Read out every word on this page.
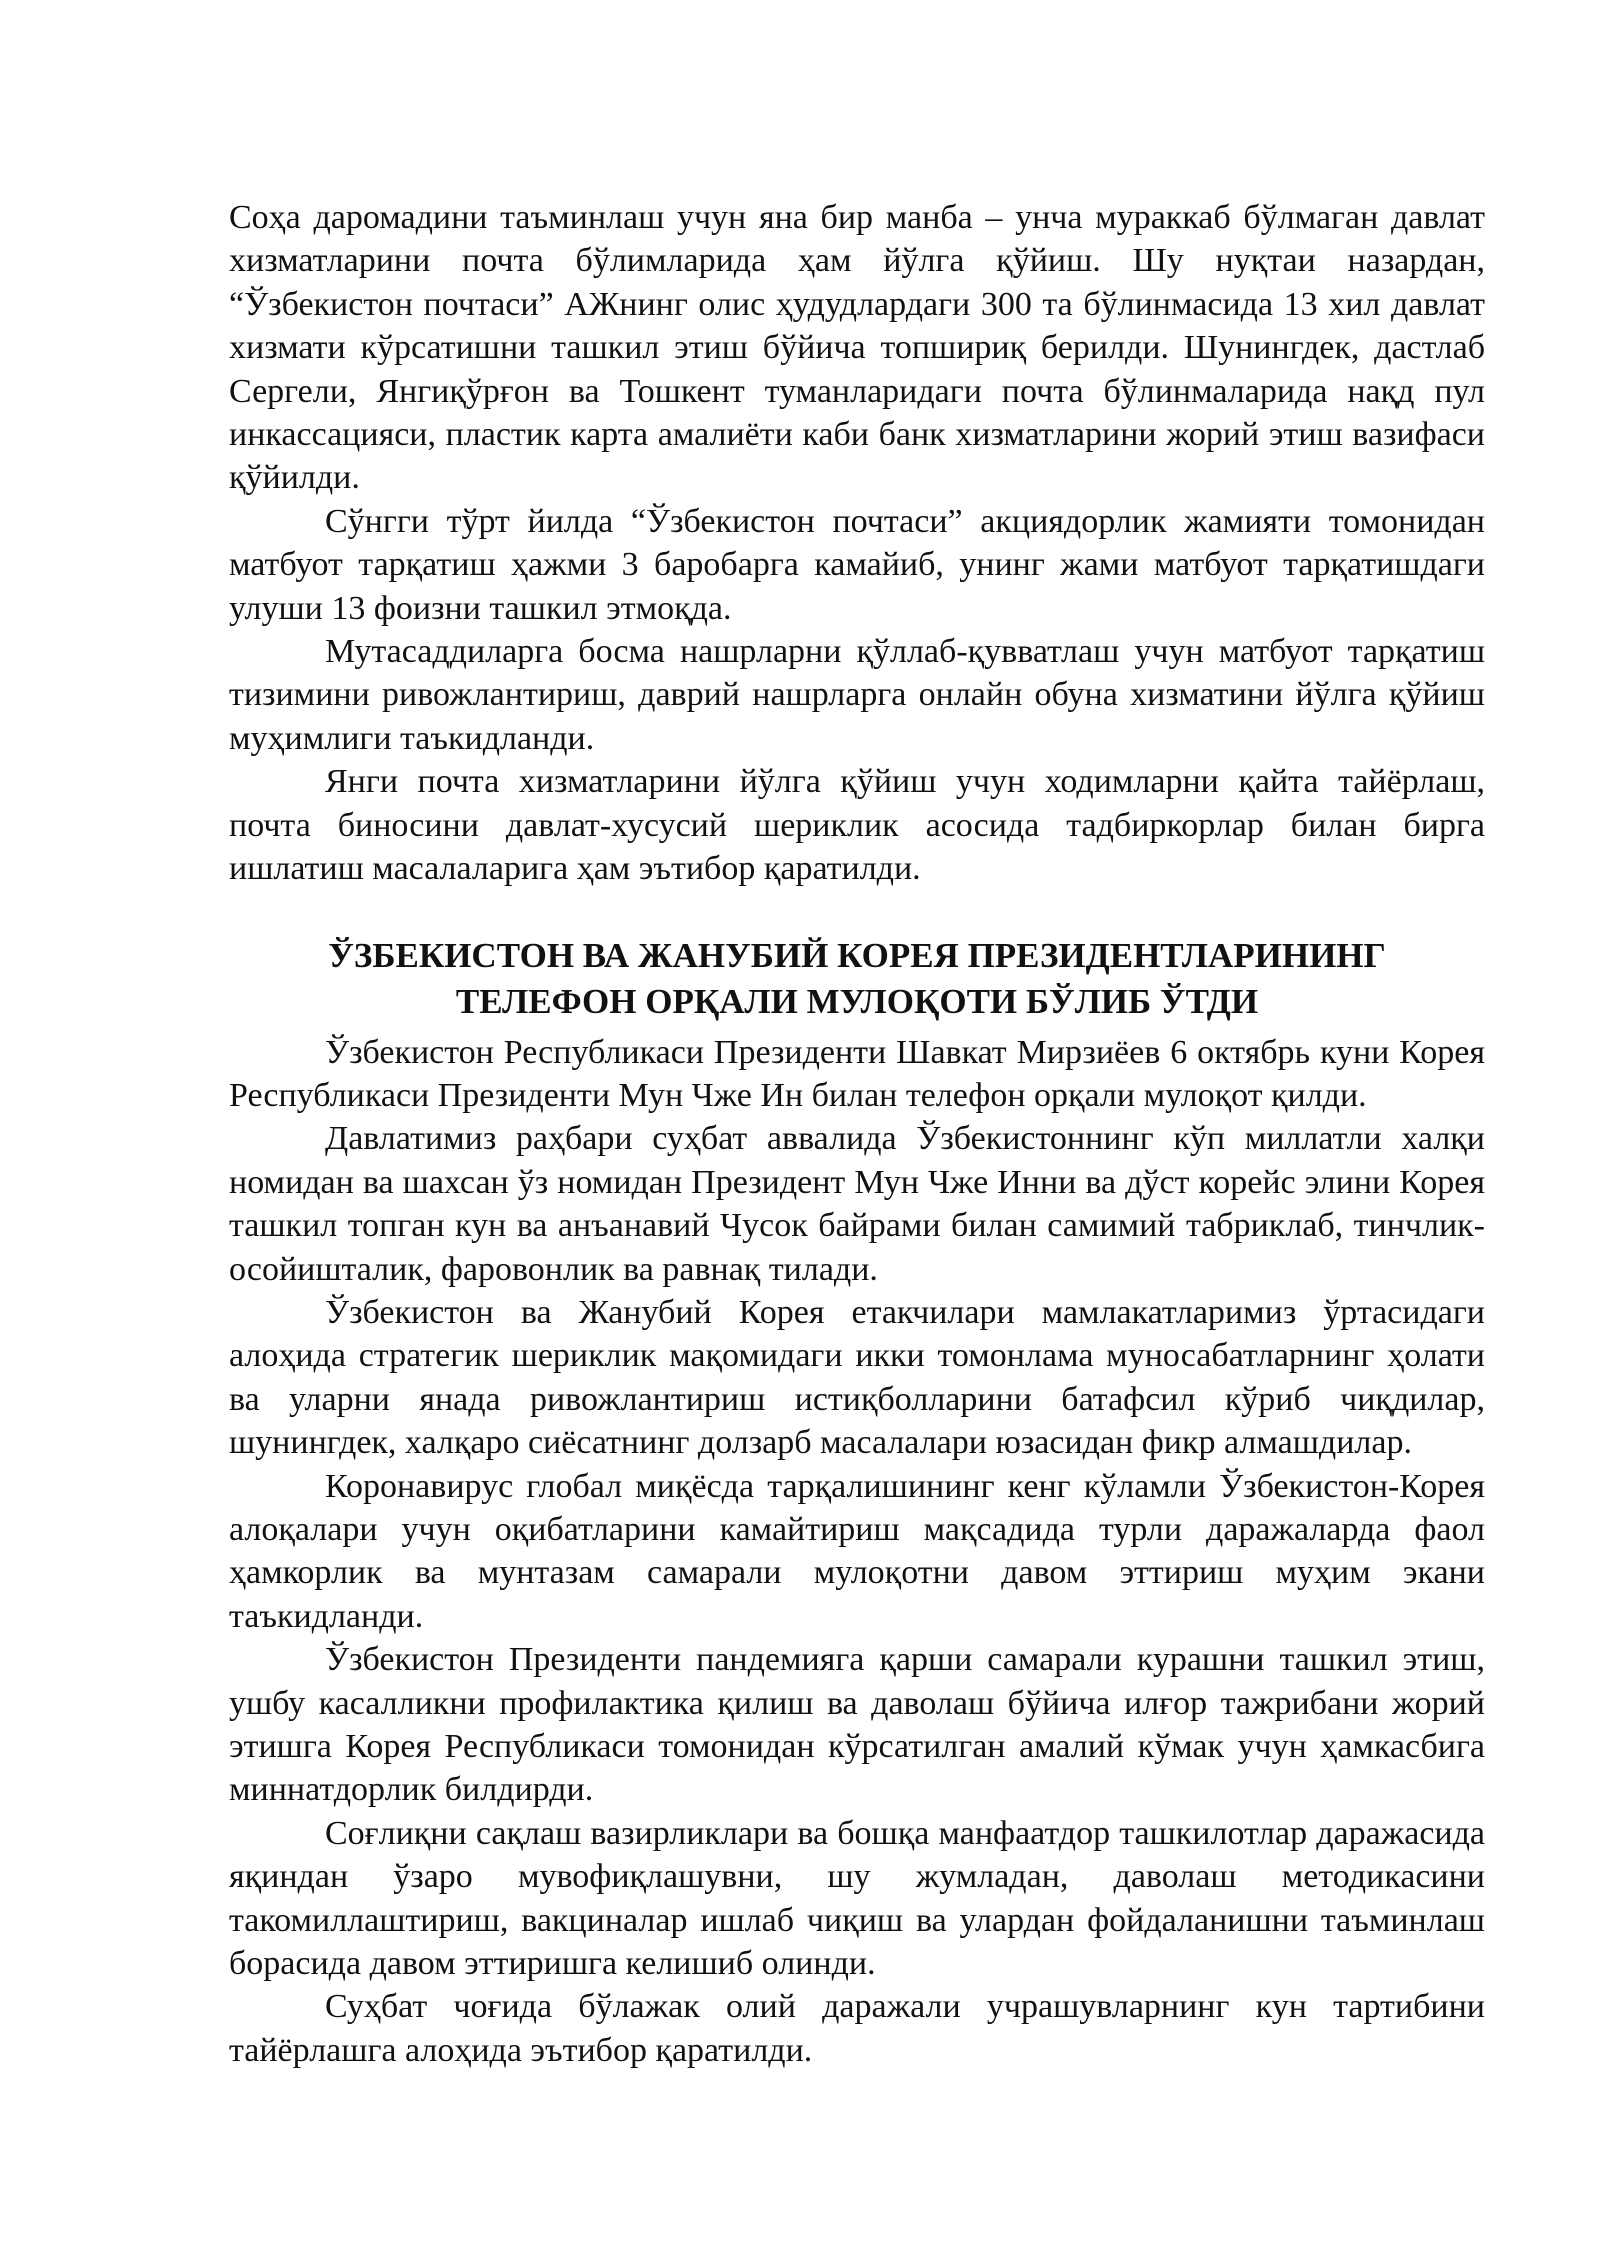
Соҳа даромадини таъминлаш учун яна бир манба – унча мураккаб бўлмаган давлат хизматларини почта бўлимларида ҳам йўлга қўйиш. Шу нуқтаи назардан, “Ўзбекистон почтаси” АЖнинг олис ҳудудлардаги 300 та бўлинмасида 13 хил давлат хизмати кўрсатишни ташкил этиш бўйича топшириқ берилди. Шунингдек, дастлаб Сергели, Янгиқўрғон ва Тошкент туманларидаги почта бўлинмаларида нақд пул инкассацияси, пластик карта амалиёти каби банк хизматларини жорий этиш вазифаси қўйилди.

Сўнгги тўрт йилда “Ўзбекистон почтаси” акциядорлик жамияти томонидан матбуот тарқатиш ҳажми 3 баробарга камайиб, унинг жами матбуот тарқатишдаги улуши 13 фоизни ташкил этмоқда.

Мутасаддиларга босма нашрларни қўллаб-қувватлаш учун матбуот тарқатиш тизимини ривожлантириш, даврий нашрларга онлайн обуна хизматини йўлга қўйиш муҳимлиги таъкидланди.

Янги почта хизматларини йўлга қўйиш учун ходимларни қайта тайёрлаш, почта биносини давлат-хусусий шериклик асосида тадбиркорлар билан бирга ишлатиш масалаларига ҳам эътибор қаратилди.

ЎЗБЕКИСТОН ВА ЖАНУБИЙ КОРЕЯ ПРЕЗИДЕНТЛАРИНИНГ
ТЕЛЕФОН ОРҚАЛИ МУЛОҚОТИ БЎЛИБ ЎТДИ

Ўзбекистон Республикаси Президенти Шавкат Мирзиёев 6 октябрь куни Корея Республикаси Президенти Мун Чже Ин билан телефон орқали мулоқот қилди.

Давлатимиз раҳбари суҳбат аввалида Ўзбекистоннинг кўп миллатли халқи номидан ва шахсан ўз номидан Президент Мун Чже Инни ва дўст корейс элини Корея ташкил топган кун ва анъанавий Чусок байрами билан самимий табриклаб, тинчлик-осойишталик, фаровонлик ва равнақ тилади.

Ўзбекистон ва Жанубий Корея етакчилари мамлакатларимиз ўртасидаги алоҳида стратегик шериклик мақомидаги икки томонлама муносабатларнинг ҳолати ва уларни янада ривожлантириш истиқболларини батафсил кўриб чиқдилар, шунингдек, халқаро сиёсатнинг долзарб масалалари юзасидан фикр алмашдилар.

Коронавирус глобал миқёсда тарқалишининг кенг кўламли Ўзбекистон-Корея алоқалари учун оқибатларини камайтириш мақсадида турли даражаларда фаол ҳамкорлик ва мунтазам самарали мулоқотни давом эттириш муҳим экани таъкидланди.

Ўзбекистон Президенти пандемияга қарши самарали курашни ташкил этиш, ушбу касалликни профилактика қилиш ва даволаш бўйича илғор тажрибани жорий этишга Корея Республикаси томонидан кўрсатилган амалий кўмак учун ҳамкасбига миннатдорлик билдирди.

Соғлиқни сақлаш вазирликлари ва бошқа манфаатдор ташкилотлар даражасида яқиндан ўзаро мувофиқлашувни, шу жумладан, даволаш методикасини такомиллаштириш, вакциналар ишлаб чиқиш ва улардан фойдаланишни таъминлаш борасида давом эттиришга келишиб олинди.

Суҳбат чоғида бўлажак олий даражали учрашувларнинг кун тартибини тайёрлашга алоҳида эътибор қаратилди.
